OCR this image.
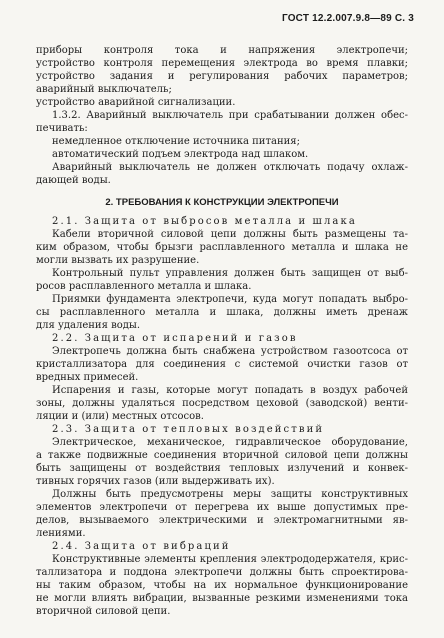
ГОСТ 12.2.007.9.8—89 С. 3
приборы контроля тока и напряжения электропечи;
устройство контроля перемещения электрода во время плавки;
устройство задания и регулирования рабочих параметров;
аварийный выключатель;
устройство аварийной сигнализации.
1.3.2. Аварийный выключатель при срабатывании должен обес-
печивать:
немедленное отключение источника питания;
автоматический подъем электрода над шлаком.
Аварийный выключатель не должен отключать подачу охлаж-
дающей воды.
2. ТРЕБОВАНИЯ К КОНСТРУКЦИИ ЭЛЕКТРОПЕЧИ
2.1. Защита от выбросов металла и шлака
Кабели вторичной силовой цепи должны быть размещены та-
ким образом, чтобы брызги расплавленного металла и шлака не
могли вызвать их разрушение.
Контрольный пульт управления должен быть защищен от выб-
росов расплавленного металла и шлака.
Приямки фундамента электропечи, куда могут попадать выбро-
сы расплавленного металла и шлака, должны иметь дренаж
для удаления воды.
2.2. Защита от испарений и газов
Электропечь должна быть снабжена устройством газоотсоса от
кристаллизатора для соединения с системой очистки газов от
вредных примесей.
Испарения и газы, которые могут попадать в воздух рабочей
зоны, должны удаляться посредством цеховой (заводской) венти-
ляции и (или) местных отсосов.
2.3. Защита от тепловых воздействий
Электрическое, механическое, гидравлическое оборудование,
а также подвижные соединения вторичной силовой цепи должны
быть защищены от воздействия тепловых излучений и конвек-
тивных горячих газов (или выдерживать их).
Должны быть предусмотрены меры защиты конструктивных
элементов электропечи от перегрева их выше допустимых пре-
делов, вызываемого электрическими и электромагнитными яв-
лениями.
2.4. Защита от вибраций
Конструктивные элементы крепления электрододержателя, крис-
таллизатора и поддона электропечи должны быть спроектирова-
ны таким образом, чтобы на их нормальное функционирование
не могли влиять вибрации, вызванные резкими изменениями тока
вторичной силовой цепи.
